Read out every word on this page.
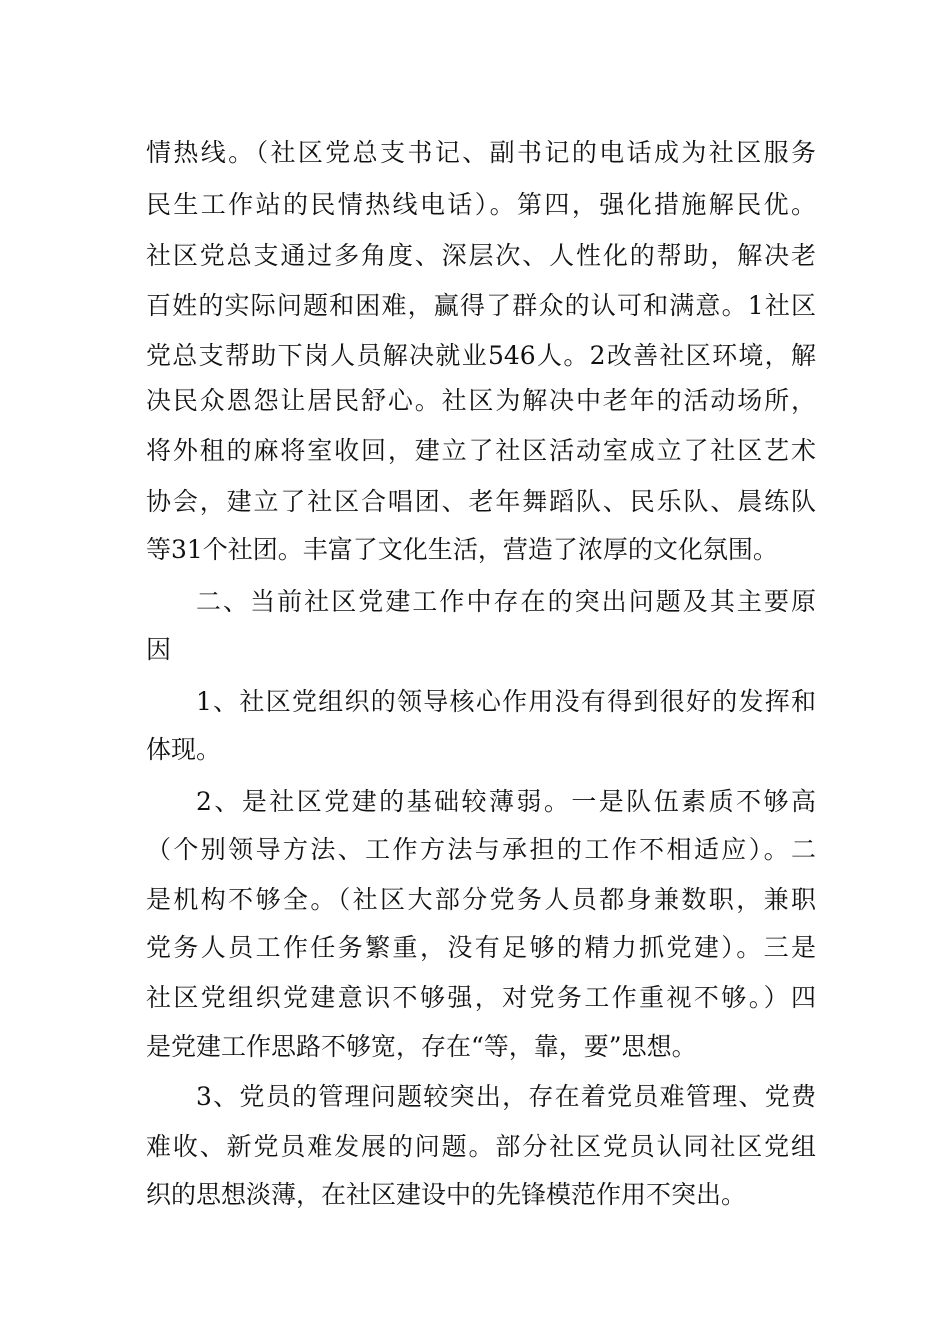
情热线。（社区党总支书记、副书记的电话成为社区服务
民生工作站的民情热线电话）。第四，强化措施解民优。
社区党总支通过多角度、深层次、人性化的帮助，解决老
百姓的实际问题和困难，赢得了群众的认可和满意。1社区
党总支帮助下岗人员解决就业546人。2改善社区环境，解
决民众恩怨让居民舒心。社区为解决中老年的活动场所，
将外租的麻将室收回，建立了社区活动室成立了社区艺术
协会，建立了社区合唱团、老年舞蹈队、民乐队、晨练队
等31个社团。丰富了文化生活，营造了浓厚的文化氛围。
二、当前社区党建工作中存在的突出问题及其主要原
因
1、社区党组织的领导核心作用没有得到很好的发挥和
体现。
2、是社区党建的基础较薄弱。一是队伍素质不够高
（个别领导方法、工作方法与承担的工作不相适应）。二
是机构不够全。（社区大部分党务人员都身兼数职，兼职
党务人员工作任务繁重，没有足够的精力抓党建）。三是
社区党组织党建意识不够强，对党务工作重视不够。）四
是党建工作思路不够宽，存在“等，靠，要”思想。
3、党员的管理问题较突出，存在着党员难管理、党费
难收、新党员难发展的问题。部分社区党员认同社区党组
织的思想淡薄，在社区建设中的先锋模范作用不突出。
